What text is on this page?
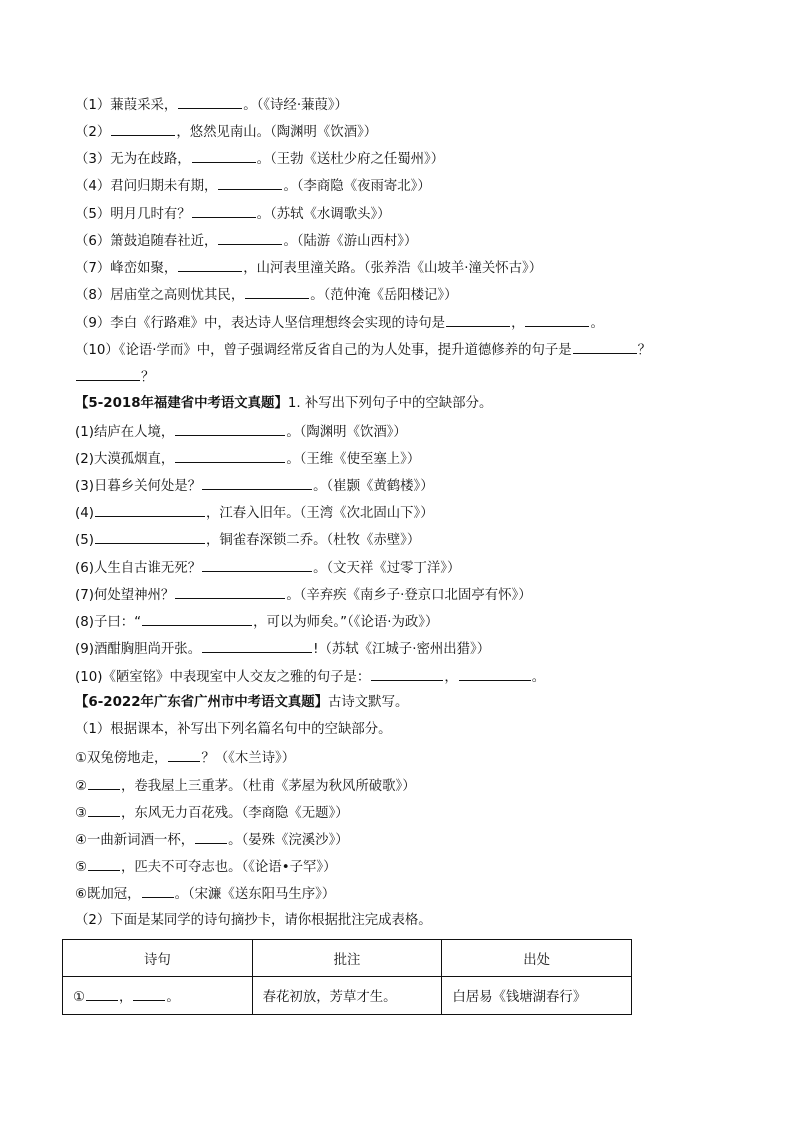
（1）蒹葭采采，	。（《诗经·蒹葭》）
（2）	，悠然见南山。（陶渊明《饮酒》）
（3）无为在歧路，	。（王勃《送杜少府之任蜀州》）
（4）君问归期未有期，	。（李商隐《夜雨寄北》）
（5）明月几时有？	。（苏轼《水调歌头》）
（6）箫鼓追随春社近，	。（陆游《游山西村》）
（7）峰峦如聚，	，山河表里潼关路。（张养浩《山坡羊·潼关怀古》）
（8）居庙堂之高则忧其民，	。（范仲淹《岳阳楼记》）
（9）李白《行路难》中，表达诗人坚信理想终会实现的诗句是	，	。
（10）《论语·学而》中，曾子强调经常反省自己的为人处事，提升道德修养的句子是	？
？
【5-2018年福建省中考语文真题】1. 补写出下列句子中的空缺部分。
(1)结庐在人境，	。（陶渊明《饮酒》）
(2)大漠孤烟直，	。（王维《使至塞上》）
(3)日暮乡关何处是？	。（崔颢《黄鹤楼》）
(4)	，江春入旧年。（王湾《次北固山下》）
(5)	，铜雀春深锁二乔。（杜牧《赤壁》）
(6)人生自古谁无死？	。（文天祥《过零丁洋》）
(7)何处望神州？	。（辛弃疾《南乡子·登京口北固亭有怀》）
(8)子曰：“	，可以为师矣。”（《论语·为政》）
(9)酒酣胸胆尚开张。	!（苏轼《江城子·密州出猎》）
(10)《陋室铭》中表现室中人交友之雅的句子是：	，	。
【6-2022年广东省广州市中考语文真题】古诗文默写。
（1）根据课本，补写出下列名篇名句中的空缺部分。
①双兔傍地走，	？（《木兰诗》）
②	，卷我屋上三重茅。（杜甫《茅屋为秋风所破歌》）
③	，东风无力百花残。（李商隐《无题》）
④一曲新词酒一杯，	。（晏殊《浣溪沙》）
⑤	，匹夫不可夺志也。（《论语•子罕》）
⑥既加冠，	。（宋濂《送东阳马生序》）
（2）下面是某同学的诗句摘抄卡，请你根据批注完成表格。
诗句	批注	出处
① ， 。	春花初放，芳草才生。	白居易《钱塘湖春行》
